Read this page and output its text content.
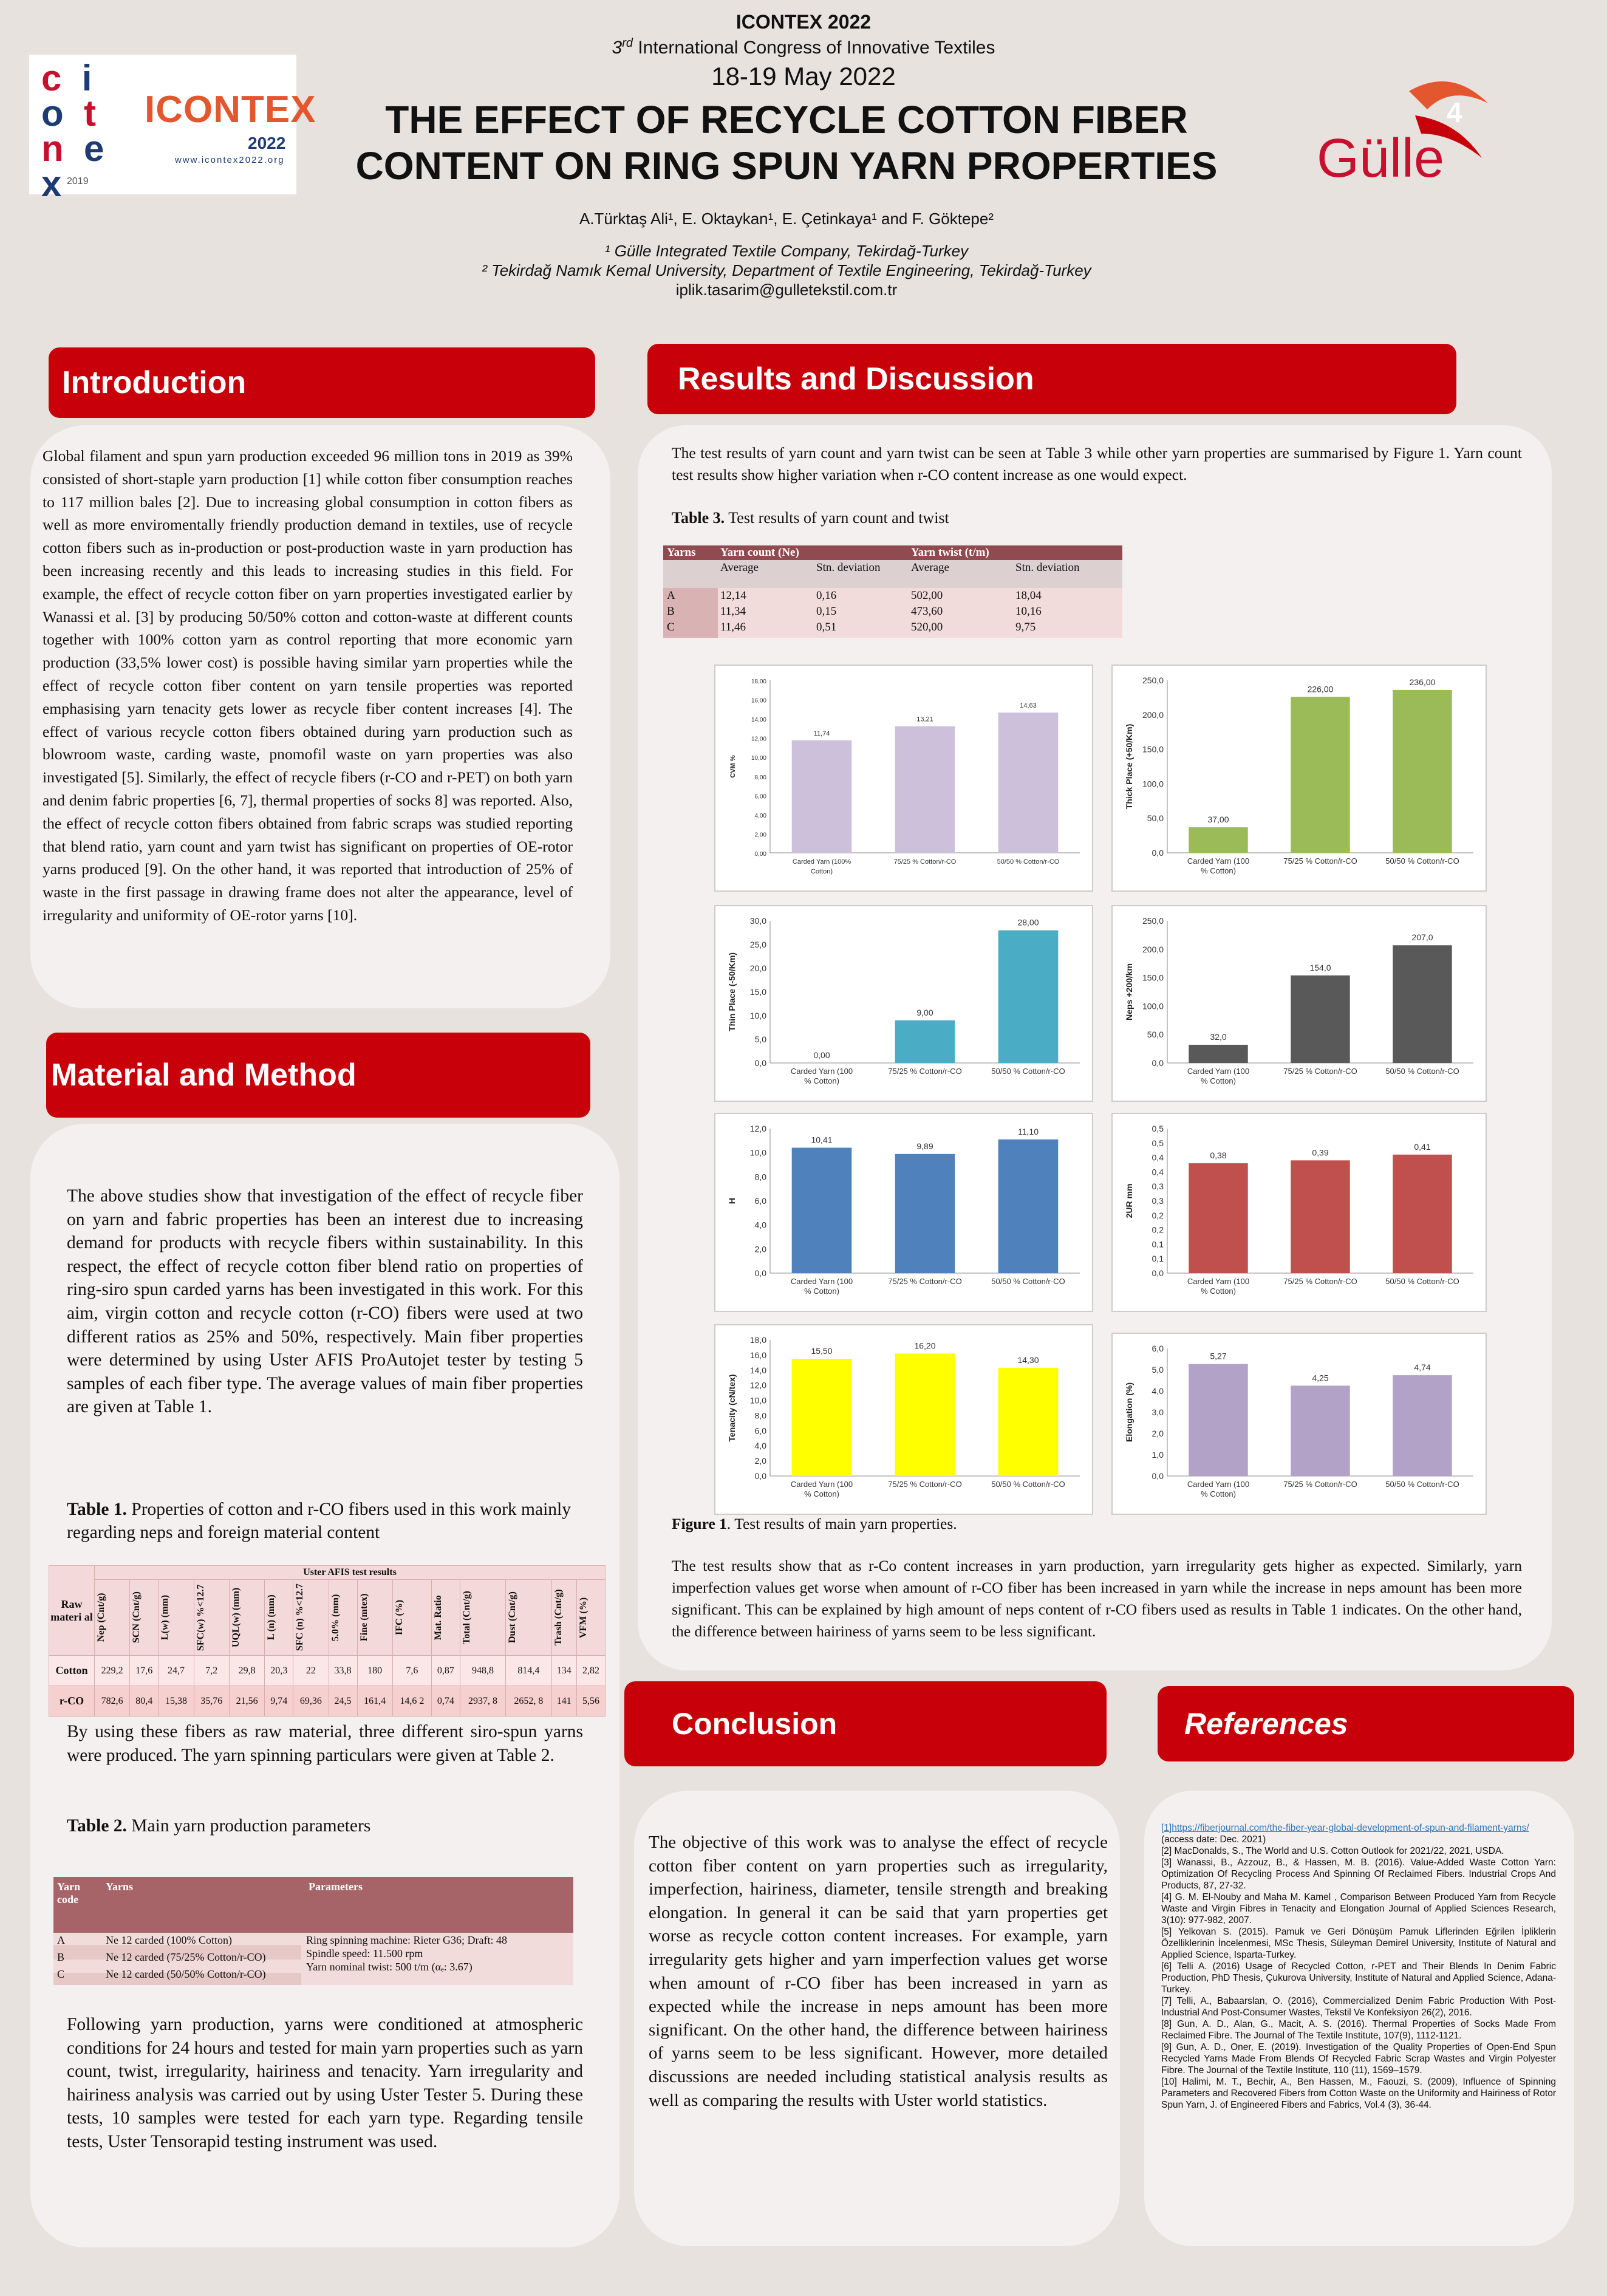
c  i
o t
n  e
x 2019
ICONTEX
2022
www.icontex2022.org
ICONTEX 2022
3rd International Congress of Innovative Textiles
18-19 May 2022
THE EFFECT OF RECYCLE COTTON FIBER
CONTENT ON RING SPUN YARN PROPERTIES
A.Türktaş Ali¹, E. Oktaykan¹, E. Çetinkaya¹ and F. Göktepe²
¹ Gülle Integrated Textile Company, Tekirdağ-Turkey
² Tekirdağ Namık Kemal University, Department of Textile Engineering, Tekirdağ-Turkey
iplik.tasarim@gulletekstil.com.tr
4
Gülle
Introduction
Global filament and spun yarn production exceeded 96 million tons in 2019 as 39% consisted of short-staple yarn production [1] while cotton fiber consumption reaches to 117 million bales [2]. Due to increasing global consumption in cotton fibers as well as more enviromentally friendly production demand in textiles, use of recycle cotton fibers such as in-production or post-production waste in yarn production has been increasing recently and this leads to increasing studies in this field. For example, the effect of recycle cotton fiber on yarn properties investigated earlier by Wanassi et al. [3] by producing 50/50% cotton and cotton-waste at different counts together with 100% cotton yarn as control reporting that more economic yarn production (33,5% lower cost) is possible having similar yarn properties while the effect of recycle cotton fiber content on yarn tensile properties was reported emphasising yarn tenacity gets lower as recycle fiber content increases [4]. The effect of various recycle cotton fibers obtained during yarn production such as blowroom waste, carding waste, pnomofil waste on yarn properties was also investigated [5]. Similarly, the effect of recycle fibers (r-CO and r-PET) on both yarn and denim fabric properties [6, 7], thermal properties of socks 8] was reported. Also, the effect of recycle cotton fibers obtained from fabric scraps was studied reporting that blend ratio, yarn count and yarn twist has significant on properties of OE-rotor yarns produced [9]. On the other hand, it was reported that introduction of 25% of waste in the first passage in drawing frame does not alter the appearance, level of irregularity and uniformity of OE-rotor yarns [10].
Material and Method
The above studies show that investigation of the effect of recycle fiber on yarn and fabric properties has been an interest due to increasing demand for products with recycle fibers within sustainability. In this respect, the effect of recycle cotton fiber blend ratio on properties of ring-siro spun carded yarns has been investigated in this work. For this aim, virgin cotton and recycle cotton (r-CO) fibers were used at two different ratios as 25% and 50%, respectively. Main fiber properties were determined by using Uster AFIS ProAutojet tester by testing 5 samples of each fiber type. The average values of main fiber properties are given at Table 1.
Table 1. Properties of cotton and r-CO fibers used in this work mainly regarding neps and foreign material content
Raw materi al	Uster AFIS test results														

	Nep (Cnt/g)	SCN (Cnt/g)	L(w) (mm)	SFC(w) %<12.7	UQL(w) (mm)	L (n) (mm)	SFC (n) %<12.7	5.0% (mm)	Fine (mtex)	IFC (%)	Mat. Ratio	Total (Cnt/g)	Dust (Cnt/g)	Trash (Cnt/g)	VFM (%)

Cotton	229,2	17,6	24,7	7,2	29,8	20,3	22	33,8	180	7,6	0,87	948,8	814,4	134	2,82
r-CO	782,6	80,4	15,38	35,76	21,56	9,74	69,36	24,5	161,4	14,6 2	0,74	2937, 8	2652, 8	141	5,56
By using these fibers as raw material, three different siro-spun yarns were produced. The yarn spinning particulars were given at Table 2.
Table 2. Main yarn production parameters
Yarn code
Yarns	Parameters
A	Ne 12 carded (100% Cotton)
B	Ne 12 carded (75/25% Cotton/r-CO)
C	Ne 12 carded (50/50% Cotton/r-CO)
Ring spinning machine: Rieter G36; Draft: 48
Spindle speed: 11.500 rpm
Yarn nominal twist: 500 t/m (αₑ: 3.67)
Following yarn production, yarns were conditioned at atmospheric conditions for 24 hours and tested for main yarn properties such as yarn count, twist, irregularity, hairiness and tenacity. Yarn irregularity and hairiness analysis was carried out by using Uster Tester 5. During these tests, 10 samples were tested for each yarn type. Regarding tensile tests, Uster Tensorapid testing instrument was used.
Results and Discussion
The test results of yarn count and yarn twist can be seen at Table 3 while other yarn properties are summarised by Figure 1. Yarn count test results show higher variation when r-CO content increase as one would expect.
Table 3. Test results of yarn count and twist
Yarns Yarn count (Ne)	Yarn twist (t/m)
Average	Stn. deviation	Average	Stn. deviation
A	12,14	0,16	502,00	18,04
B	11,34	0,15	473,60	10,16
C	11,46	0,51	520,00	9,75
0,00
2,00
4,00
6,00
8,00
10,00
12,00
14,00
16,00
18,00
CVM %
11,74
Carded Yarn (100% Cotton)
13,21
75/25 % Cotton/r-CO
14,63
50/50 % Cotton/r-CO
0,0
50,0
100,0
150,0
200,0
250,0
Thick Place (+50/Km)
37,00
Carded Yarn (100 % Cotton)
226,00
75/25 % Cotton/r-CO
236,00
50/50 % Cotton/r-CO
0,0
5,0
10,0
15,0
20,0
25,0
30,0
Thin Place (-50/Km)
0,00
Carded Yarn (100 % Cotton)
9,00
75/25 % Cotton/r-CO
28,00
50/50 % Cotton/r-CO
0,0
50,0
100,0
150,0
200,0
250,0
Neps +200/km
32,0
Carded Yarn (100 % Cotton)
154,0
75/25 % Cotton/r-CO
207,0
50/50 % Cotton/r-CO
0,0
2,0
4,0
6,0
8,0
10,0
12,0
H
10,41
Carded Yarn (100 % Cotton)
9,89
75/25 % Cotton/r-CO
11,10
50/50 % Cotton/r-CO
0,0
0,1
0,1
0,2
0,2
0,3
0,3
0,4
0,4
0,5
0,5
2UR mm
0,38
Carded Yarn (100 % Cotton)
0,39
75/25 % Cotton/r-CO
0,41
50/50 % Cotton/r-CO
0,0
2,0
4,0
6,0
8,0
10,0
12,0
14,0
16,0
18,0
Tenacity (cN/tex)
15,50
Carded Yarn (100 % Cotton)
16,20
75/25 % Cotton/r-CO
14,30
50/50 % Cotton/r-CO
0,0
1,0
2,0
3,0
4,0
5,0
6,0
Elongation (%)
5,27
Carded Yarn (100 % Cotton)
4,25
75/25 % Cotton/r-CO
4,74
50/50 % Cotton/r-CO
Figure 1. Test results of main yarn properties.
The test results show that as r-Co content increases in yarn production, yarn irregularity gets higher as expected. Similarly, yarn imperfection values get worse when amount of r-CO fiber has been increased in yarn while the increase in neps amount has been more significant. This can be explained by high amount of neps content of r-CO fibers used as results in Table 1 indicates. On the other hand, the difference between hairiness of yarns seem to be less significant.
Conclusion
The objective of this work was to analyse the effect of recycle cotton fiber content on yarn properties such as irregularity, imperfection, hairiness, diameter, tensile strength and breaking elongation. In general it can be said that yarn properties get worse as recycle cotton content increases. For example, yarn irregularity gets higher and yarn imperfection values get worse when amount of r-CO fiber has been increased in yarn as expected while the increase in neps amount has been more significant. On the other hand, the difference between hairiness of yarns seem to be less significant. However, more detailed discussions are needed including statistical analysis results as well as comparing the results with Uster world statistics.
References
[1]https://fiberjournal.com/the-fiber-year-global-development-of-spun-and-filament-yarns/ (access date: Dec. 2021)
[2] MacDonalds, S., The World and U.S. Cotton Outlook for 2021/22, 2021, USDA.
[3] Wanassi, B., Azzouz, B., & Hassen, M. B. (2016). Value-Added Waste Cotton Yarn: Optimization Of Recycling Process And Spinning Of Reclaimed Fibers. Industrial Crops And Products, 87, 27-32.
[4] G. M. El-Nouby and Maha M. Kamel , Comparison Between Produced Yarn from Recycle Waste and Virgin Fibres in Tenacity and Elongation Journal of Applied Sciences Research, 3(10): 977-982, 2007.
[5] Yelkovan S. (2015). Pamuk ve Geri Dönüşüm Pamuk Liflerinden Eğrilen İpliklerin Özelliklerinin İncelenmesi, MSc Thesis, Süleyman Demirel University, Institute of Natural and Applied Science, Isparta-Turkey.
[6] Telli A. (2016) Usage of Recycled Cotton, r-PET and Their Blends In Denim Fabric Production, PhD Thesis, Çukurova University, Institute of Natural and Applied Science, Adana-Turkey.
[7] Telli, A., Babaarslan, O. (2016), Commercialized Denim Fabric Production With Post-Industrial And Post-Consumer Wastes, Tekstil Ve Konfeksiyon 26(2), 2016.
[8] Gun, A. D., Alan, G., Macit, A. S. (2016). Thermal Properties of Socks Made From Reclaimed Fibre. The Journal of The Textile Institute, 107(9), 1112-1121.
[9] Gun, A. D., Oner, E. (2019). Investigation of the Quality Properties of Open-End Spun Recycled Yarns Made From Blends Of Recycled Fabric Scrap Wastes and Virgin Polyester Fibre. The Journal of the Textile Institute, 110 (11), 1569–1579.
[10] Halimi, M. T., Bechir, A., Ben Hassen, M., Faouzi, S. (2009), Influence of Spinning Parameters and Recovered Fibers from Cotton Waste on the Uniformity and Hairiness of Rotor Spun Yarn, J. of Engineered Fibers and Fabrics, Vol.4 (3), 36-44.
